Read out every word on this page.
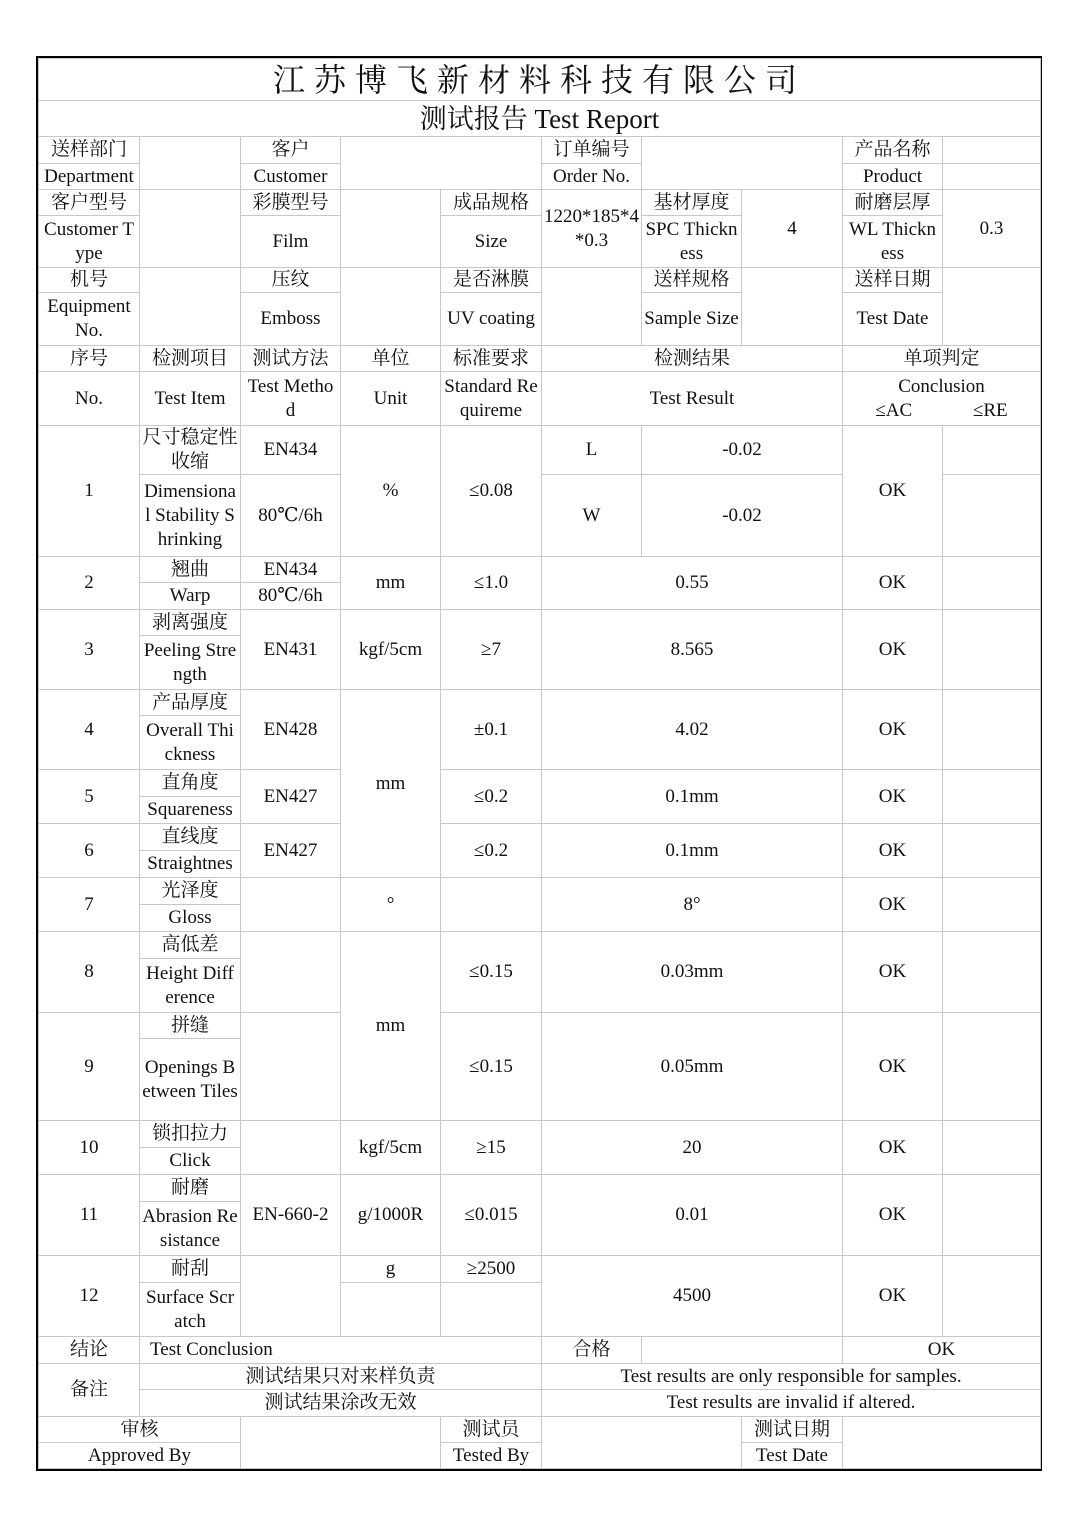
江苏博飞新材料科技有限公司									
测试报告 Test Report									
送样部门		客户			订单编号			产品名称	
Department		Customer			Order No.			Product	
客户型号		彩膜型号		成品规格	1220*185*4*0.3	基材厚度	4	耐磨层厚	0.3
Customer Type		Film		Size		SPC Thickness		WL Thickness	
机号		压纹		是否淋膜		送样规格		送样日期	
Equipment No.		Emboss		UV coating		Sample Size		Test Date	
序号	检测项目	测试方法	单位	标准要求	检测结果			单项判定	
No.	Test Item	Test Method	Unit	Standard Requireme	Test Result			Conclusion
≤AC ≤RE	

1	尺寸稳定性收缩	EN434	%	≤0.08	L	-0.02		OK	
	Dimensional Stability Shrinking	80℃/6h			W	-0.02			
2	翘曲	EN434	mm	≤1.0	0.55			OK	
	Warp	80℃/6h							
3	剥离强度	EN431	kgf/5cm	≥7	8.565			OK	
	Peeling Strength								
4	产品厚度	EN428	mm	±0.1	4.02			OK	
	Overall Thickness								
5	直角度	EN427		≤0.2	0.1mm			OK	
	Squareness								
6	直线度	EN427		≤0.2	0.1mm			OK	
	Straightnes								
7	光泽度		°		8°			OK	
	Gloss								
8	高低差		mm	≤0.15	0.03mm			OK	
	Height Difference								
9	拼缝			≤0.15	0.05mm			OK	
	Openings Between Tiles								
10	锁扣拉力		kgf/5cm	≥15	20			OK	
	Click								
11	耐磨	EN-660-2	g/1000R	≤0.015	0.01			OK	
	Abrasion Resistance								
12	耐刮		g	≥2500	4500			OK	
	Surface Scratch								
结论	Test Conclusion				合格			OK	
备注	测试结果只对来样负责				Test results are only responsible for samples.				
	测试结果涂改无效				Test results are invalid if altered.				
审核				测试员			测试日期		
Approved By				Tested By			Test Date		
